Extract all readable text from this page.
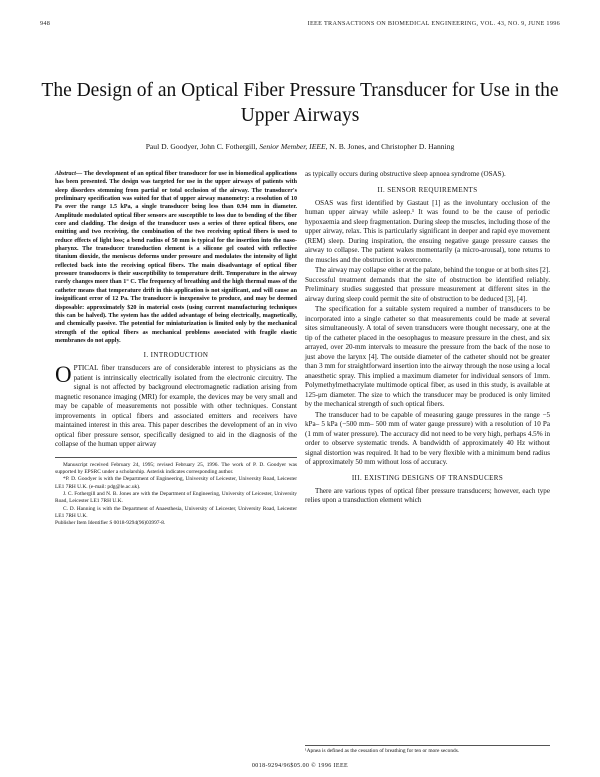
948	IEEE TRANSACTIONS ON BIOMEDICAL ENGINEERING, VOL. 43, NO. 9, JUNE 1996
The Design of an Optical Fiber Pressure Transducer for Use in the Upper Airways
Paul D. Goodyer, John C. Fothergill, Senior Member, IEEE, N. B. Jones, and Christopher D. Hanning

Abstract— The development of an optical fiber transducer for use in biomedical applications has been presented. The design was targeted for use in the upper airways of patients with sleep disorders stemming from partial or total occlusion of the airway. The transducer's preliminary specification was suited for that of upper airway manometry: a resolution of 10 Pa over the range 1.5 kPa, a single transducer being less than 0.94 mm in diameter. Amplitude modulated optical fiber sensors are susceptible to loss due to bending of the fiber core and cladding. The design of the transducer uses a series of three optical fibers, one emitting and two receiving, the combination of the two receiving optical fibers is used to reduce effects of light loss; a bend radius of 50 mm is typical for the insertion into the naso-pharynx. The transducer transduction element is a silicone gel coated with reflective titanium dioxide, the meniscus deforms under pressure and modulates the intensity of light reflected back into the receiving optical fibers. The main disadvantage of optical fiber pressure transducers is their susceptibility to temperature drift. Temperature in the airway rarely changes more than 1° C. The frequency of breathing and the high thermal mass of the catheter means that temperature drift in this application is not significant, and will cause an insignificant error of 12 Pa. The transducer is inexpensive to produce, and may be deemed disposable: approximately $20 in material costs (using current manufacturing techniques this can be halved). The system has the added advantage of being electrically, magnetically, and chemically passive. The potential for miniaturization is limited only by the mechanical strength of the optical fibers as mechanical problems associated with fragile elastic membranes do not apply.

I. INTRODUCTION

OPTICAL fiber transducers are of considerable interest to physicians as the patient is intrinsically electrically isolated from the electronic circuitry. The signal is not affected by background electromagnetic radiation arising from magnetic resonance imaging (MRI) for example, the devices may be very small and may be capable of measurements not possible with other techniques. Constant improvements in optical fibers and associated emitters and receivers have maintained interest in this area. This paper describes the development of an in vivo optical fiber pressure sensor, specifically designed to aid in the diagnosis of the collapse of the human upper airway

Manuscript received February 24, 1995; revised February 25, 1996. The work of P. D. Goodyer was supported by EPSRC under a scholarship. Asterisk indicates corresponding author.

*P. D. Goodyer is with the Department of Engineering, University of Leicester, University Road, Leicester LE1 7RH U.K. (e-mail: pdg@le.ac.uk).

J. C. Fothergill and N. B. Jones are with the Department of Engineering, University of Leicester, University Road, Leicester LE1 7RH U.K.

C. D. Hanning is with the Department of Anaesthesia, University of Leicester, University Road, Leicester LE1 7RH U.K.

Publisher Item Identifier S 0018-9294(96)03997-8.

as typically occurs during obstructive sleep apnoea syndrome (OSAS).

II. SENSOR REQUIREMENTS

OSAS was first identified by Gastaut [1] as the involuntary occlusion of the human upper airway while asleep.¹ It was found to be the cause of periodic hypoxaemia and sleep fragmentation. During sleep the muscles, including those of the upper airway, relax. This is particularly significant in deeper and rapid eye movement (REM) sleep. During inspiration, the ensuing negative gauge pressure causes the airway to collapse. The patient wakes momentarily (a micro-arousal), tone returns to the muscles and the obstruction is overcome.

The airway may collapse either at the palate, behind the tongue or at both sites [2]. Successful treatment demands that the site of obstruction be identified reliably. Preliminary studies suggested that pressure measurement at different sites in the airway during sleep could permit the site of obstruction to be deduced [3], [4].

The specification for a suitable system required a number of transducers to be incorporated into a single catheter so that measurements could be made at several sites simultaneously. A total of seven transducers were thought necessary, one at the tip of the catheter placed in the oesophagus to measure pressure in the chest, and six arrayed, over 20-mm intervals to measure the pressure from the back of the nose to just above the larynx [4]. The outside diameter of the catheter should not be greater than 3 mm for straightforward insertion into the airway through the nose using a local anaesthetic spray. This implied a maximum diameter for individual sensors of 1mm. Polymethylmethacrylate multimode optical fiber, as used in this study, is available at 125-μm diameter. The size to which the transducer may be produced is only limited by the mechanical strength of such optical fibers.

The transducer had to be capable of measuring gauge pressures in the range −5 kPa– 5 kPa (−500 mm– 500 mm of water gauge pressure) with a resolution of 10 Pa (1 mm of water pressure). The accuracy did not need to be very high, perhaps 4.5% in order to observe systematic trends. A bandwidth of approximately 40 Hz without signal distortion was required. It had to be very flexible with a minimum bend radius of approximately 50 mm without loss of accuracy.

III. EXISTING DESIGNS OF TRANSDUCERS

There are various types of optical fiber pressure transducers; however, each type relies upon a transduction element which

¹Apnea is defined as the cessation of breathing for ten or more seconds.
0018-9294/96$05.00 © 1996 IEEE
